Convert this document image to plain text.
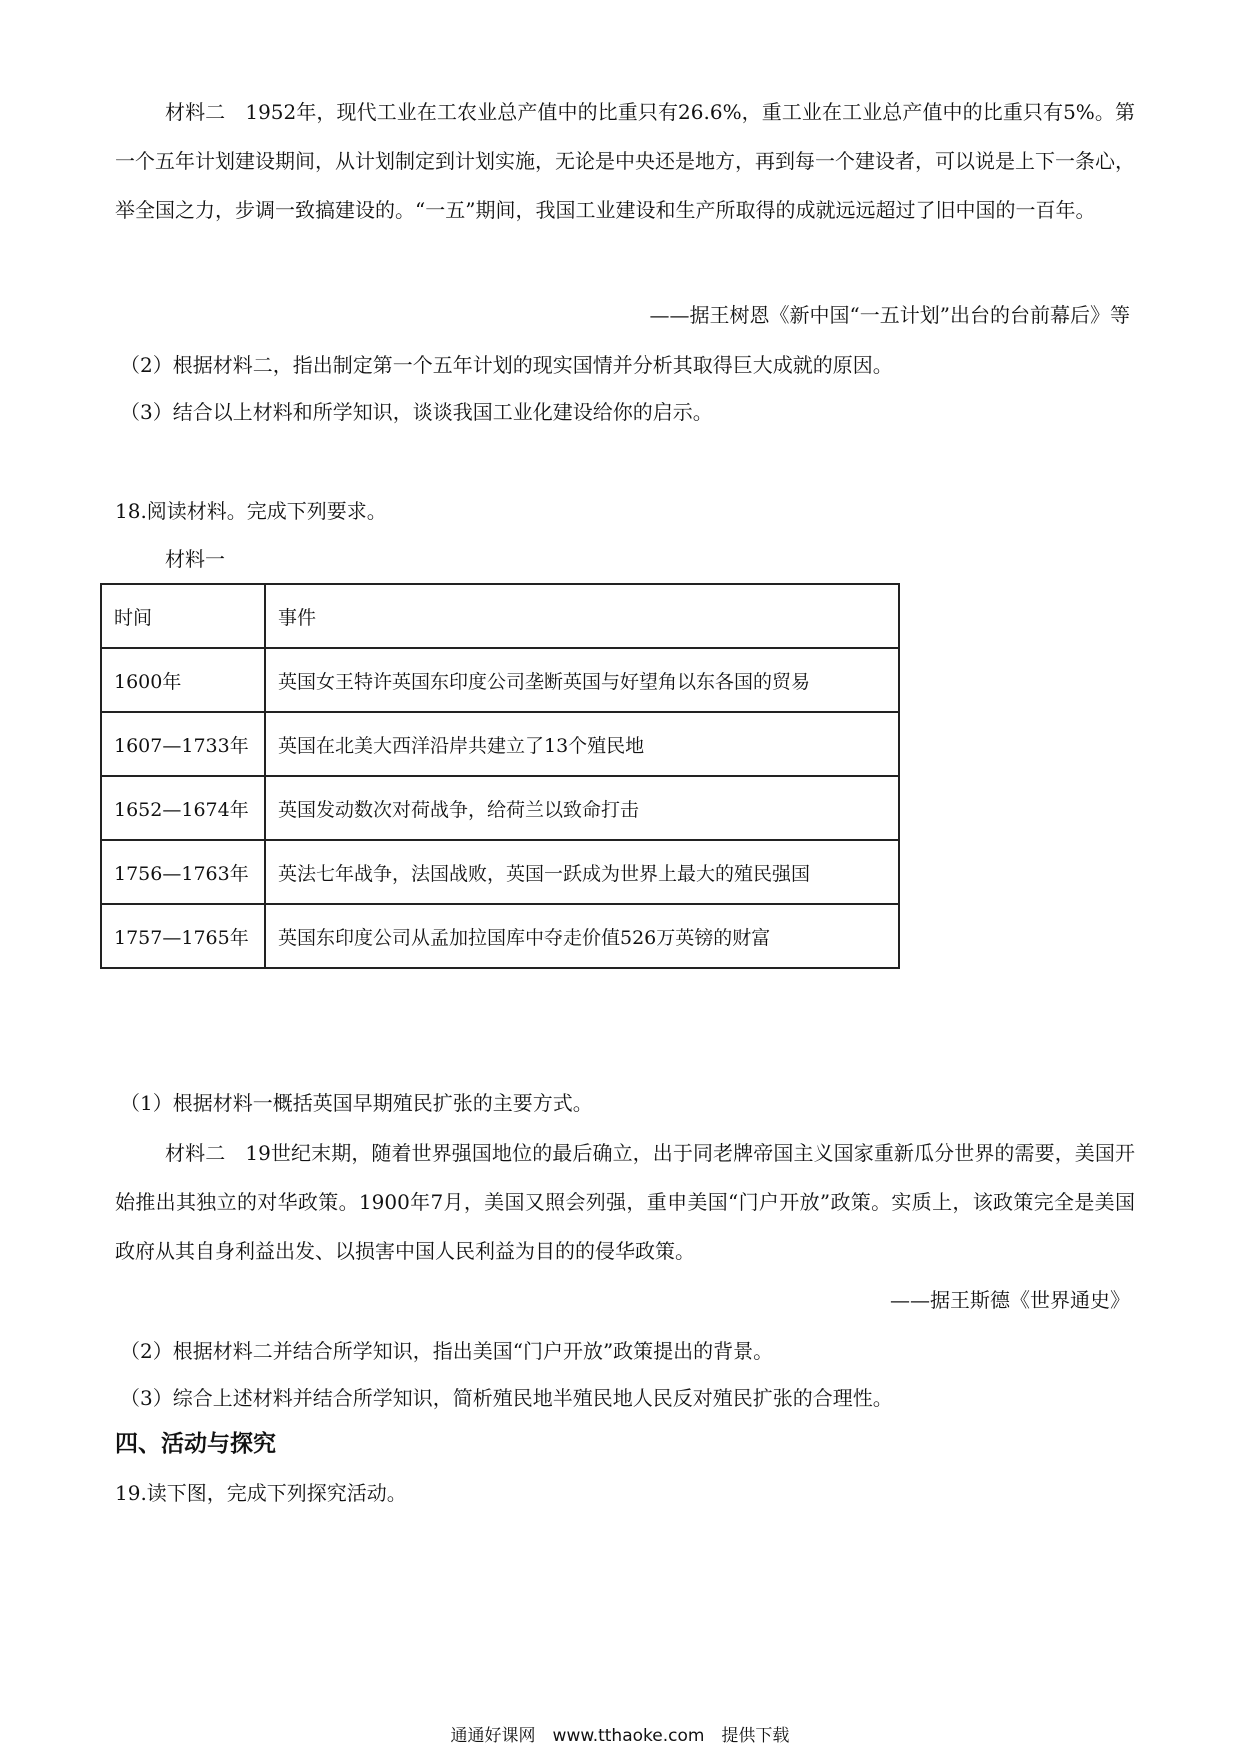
材料二　1952年，现代工业在工农业总产值中的比重只有26.6%，重工业在工业总产值中的比重只有5%。第一个五年计划建设期间，从计划制定到计划实施，无论是中央还是地方，再到每一个建设者，可以说是上下一条心，举全国之力，步调一致搞建设的。“一五”期间，我国工业建设和生产所取得的成就远远超过了旧中国的一百年。

——据王树恩《新中国“一五计划”出台的台前幕后》等
（2）根据材料二，指出制定第一个五年计划的现实国情并分析其取得巨大成就的原因。
（3）结合以上材料和所学知识，谈谈我国工业化建设给你的启示。
18.阅读材料。完成下列要求。
材料一
时间	事件
1600年	英国女王特许英国东印度公司垄断英国与好望角以东各国的贸易
1607—1733年	英国在北美大西洋沿岸共建立了13个殖民地
1652—1674年	英国发动数次对荷战争，给荷兰以致命打击
1756—1763年	英法七年战争，法国战败，英国一跃成为世界上最大的殖民强国
1757—1765年	英国东印度公司从孟加拉国库中夺走价值526万英镑的财富
（1）根据材料一概括英国早期殖民扩张的主要方式。

材料二　19世纪末期，随着世界强国地位的最后确立，出于同老牌帝国主义国家重新瓜分世界的需要，美国开始推出其独立的对华政策。1900年7月，美国又照会列强，重申美国“门户开放”政策。实质上，该政策完全是美国政府从其自身利益出发、以损害中国人民利益为目的的侵华政策。

——据王斯德《世界通史》
（2）根据材料二并结合所学知识，指出美国“门户开放”政策提出的背景。
（3）综合上述材料并结合所学知识，简析殖民地半殖民地人民反对殖民扩张的合理性。
四、活动与探究
19.读下图，完成下列探究活动。
通通好课网　www.tthaoke.com　提供下载
